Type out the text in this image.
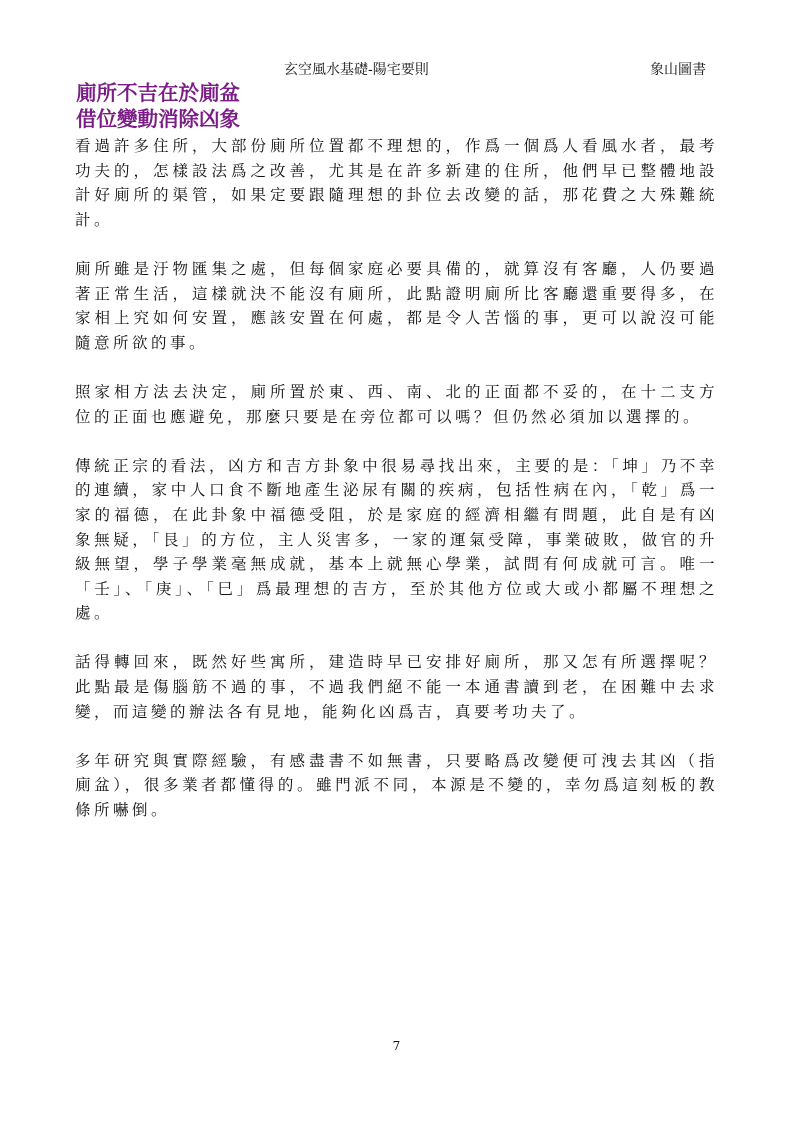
玄空風水基礎-陽宅要則	象山圖書
廁所不吉在於廁盆
借位變動消除凶象

看過許多住所，大部份廁所位置都不理想的，作爲一個爲人看風水者，最考功夫的，怎樣設法爲之改善，尤其是在許多新建的住所，他們早已整體地設計好廁所的渠管，如果定要跟隨理想的卦位去改變的話，那花費之大殊難統計。

廁所雖是汙物匯集之處，但每個家庭必要具備的，就算沒有客廳，人仍要過著正常生活，這樣就決不能沒有廁所，此點證明廁所比客廳還重要得多，在家相上究如何安置，應該安置在何處，都是令人苦惱的事，更可以說沒可能隨意所欲的事。

照家相方法去決定，廁所置於東、西、南、北的正面都不妥的，在十二支方位的正面也應避免，那麼只要是在旁位都可以嗎？但仍然必須加以選擇的。

傳統正宗的看法，凶方和吉方卦象中很易尋找出來，主要的是：「坤」乃不幸的連續，家中人口食不斷地產生泌尿有關的疾病，包括性病在內，「乾」爲一家的福德，在此卦象中福德受阻，於是家庭的經濟相繼有問題，此自是有凶象無疑，「艮」的方位，主人災害多，一家的運氣受障，事業破敗，做官的升級無望，學子學業毫無成就，基本上就無心學業，試問有何成就可言。唯一「壬」、「庚」、「巳」爲最理想的吉方，至於其他方位或大或小都屬不理想之處。

話得轉回來，既然好些寓所，建造時早已安排好廁所，那又怎有所選擇呢？此點最是傷腦筋不過的事，不過我們絕不能一本通書讀到老，在困難中去求變，而這變的辦法各有見地，能夠化凶爲吉，真要考功夫了。

多年研究與實際經驗，有感盡書不如無書，只要略爲改變便可洩去其凶（指廁盆），很多業者都懂得的。雖門派不同，本源是不變的，幸勿爲這刻板的教條所嚇倒。

7
